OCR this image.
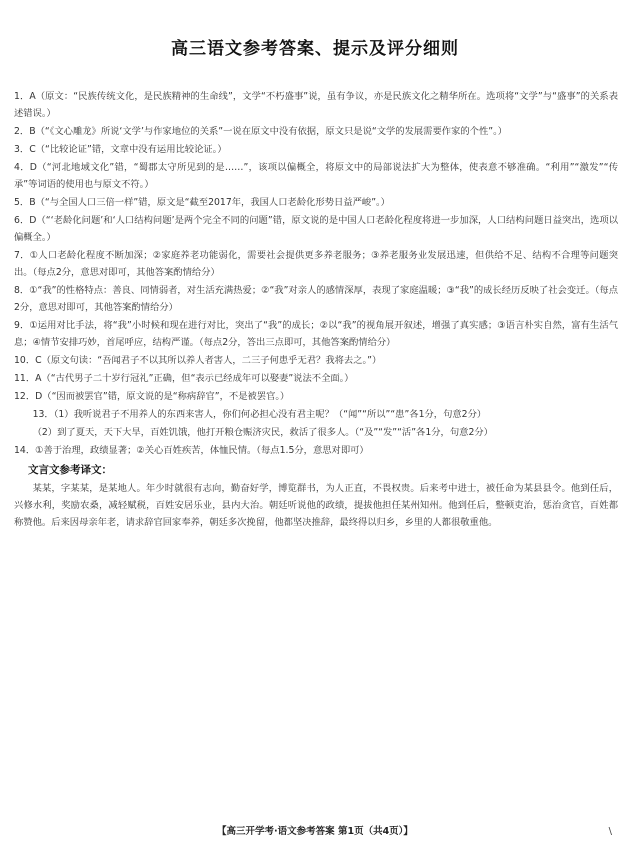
高三语文参考答案、提示及评分细则

1．A（原文：“民族传统文化，是民族精神的生命线”，文学“不朽盛事”说，虽有争议，亦是民族文化之精华所在。选项将“文学”与“盛事”的关系表述错误。）

2．B（“《文心雕龙》所说‘文学’与作家地位的关系”一说在原文中没有依据，原文只是说“文学的发展需要作家的个性”。）

3．C（“比较论证”错，文章中没有运用比较论证。）

4．D（“河北地域文化”错，“蜀郡太守所见到的是……”，该项以偏概全，将原文中的局部说法扩大为整体，使表意不够准确。“利用”“激发”“传承”等词语的使用也与原文不符。）

5．B（“与全国人口三倍一样”错，原文是“截至2017年，我国人口老龄化形势日益严峻”。）

6．D（“‘老龄化问题’和‘人口结构问题’是两个完全不同的问题”错，原文说的是中国人口老龄化程度将进一步加深，人口结构问题日益突出，选项以偏概全。）

7．①人口老龄化程度不断加深；②家庭养老功能弱化，需要社会提供更多养老服务；③养老服务业发展迅速，但供给不足、结构不合理等问题突出。（每点2分，意思对即可，其他答案酌情给分）

8．①“我”的性格特点：善良、同情弱者，对生活充满热爱；②“我”对亲人的感情深厚，表现了家庭温暖；③“我”的成长经历反映了社会变迁。（每点2分，意思对即可，其他答案酌情给分）

9．①运用对比手法，将“我”小时候和现在进行对比，突出了“我”的成长；②以“我”的视角展开叙述，增强了真实感；③语言朴实自然，富有生活气息；④情节安排巧妙，首尾呼应，结构严谨。（每点2分，答出三点即可，其他答案酌情给分）

10．C（原文句读：“吾闻君子不以其所以养人者害人，二三子何患乎无君？我将去之。”）

11．A（“古代男子二十岁行冠礼”正确，但“表示已经成年可以娶妻”说法不全面。）

12．D（“因而被罢官”错，原文说的是“称病辞官”，不是被罢官。）

13．（1）我听说君子不用养人的东西来害人，你们何必担心没有君主呢？（“闻”“所以”“患”各1分，句意2分）

（2）到了夏天，天下大旱，百姓饥饿，他打开粮仓赈济灾民，救活了很多人。（“及”“发”“活”各1分，句意2分）

14．①善于治理，政绩显著；②关心百姓疾苦，体恤民情。（每点1.5分，意思对即可）

文言文参考译文：

某某，字某某，是某地人。年少时就很有志向，勤奋好学，博览群书，为人正直，不畏权贵。后来考中进士，被任命为某县县令。他到任后，兴修水利，奖励农桑，减轻赋税，百姓安居乐业，县内大治。朝廷听说他的政绩，提拔他担任某州知州。他到任后，整顿吏治，惩治贪官，百姓都称赞他。后来因母亲年老，请求辞官回家奉养，朝廷多次挽留，他都坚决推辞，最终得以归乡，乡里的人都很敬重他。

【高三开学考·语文参考答案 第1页（共4页）】	\
